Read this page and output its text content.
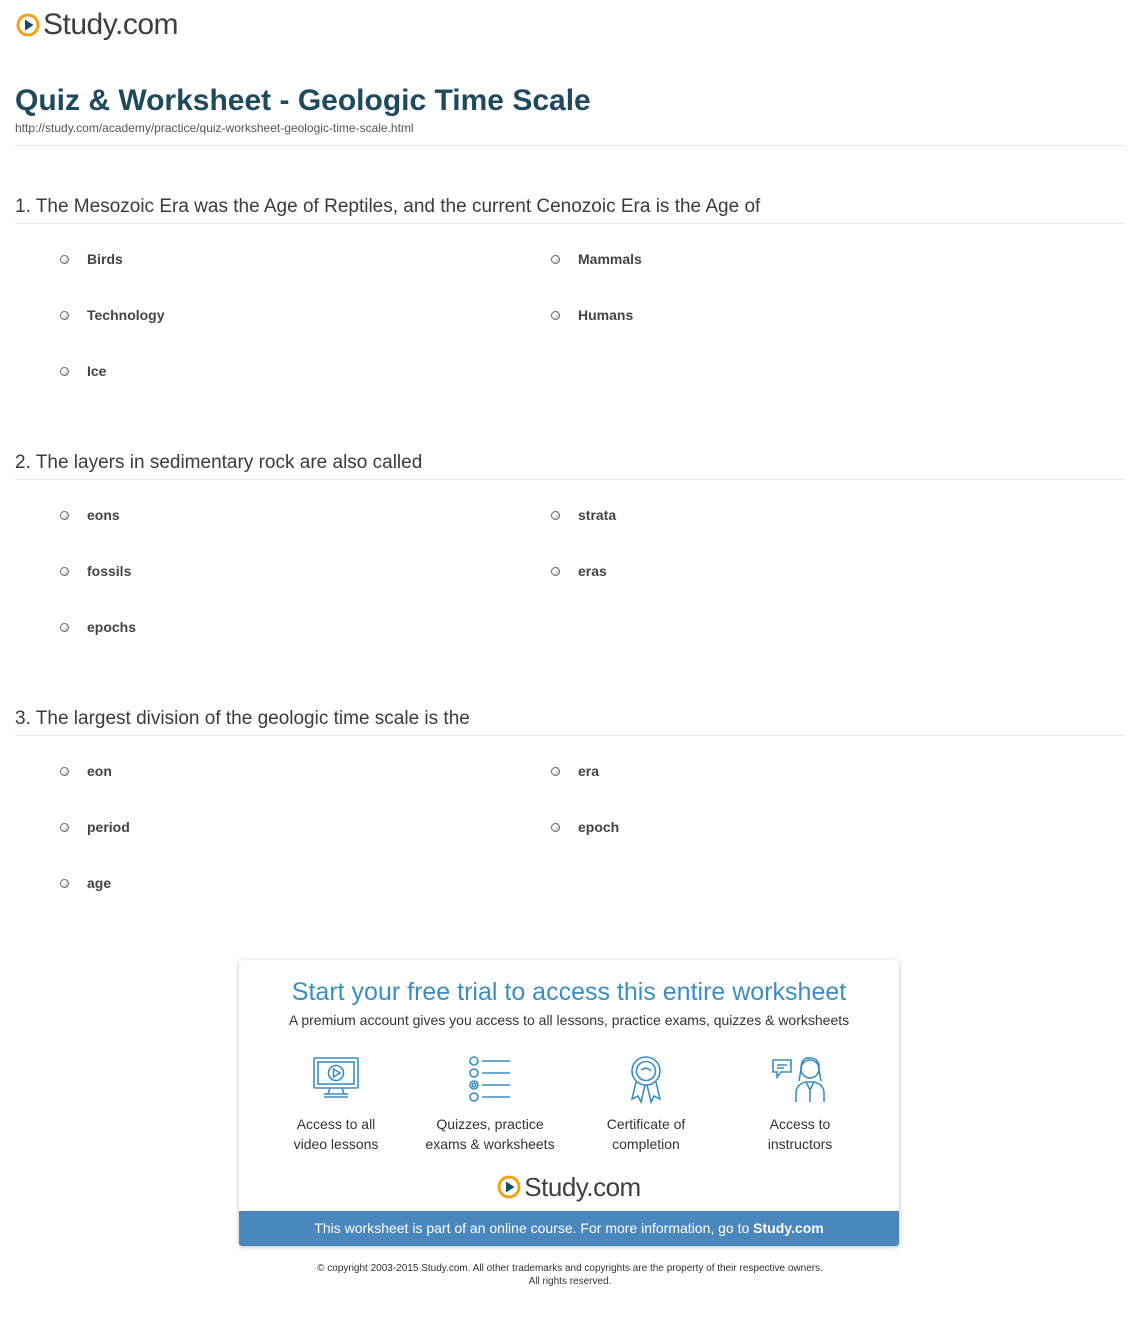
Study.com
Quiz & Worksheet - Geologic Time Scale
http://study.com/academy/practice/quiz-worksheet-geologic-time-scale.html
1. The Mesozoic Era was the Age of Reptiles, and the current Cenozoic Era is the Age of
Birds	Mammals
Technology	Humans
Ice
2. The layers in sedimentary rock are also called
eons	strata
fossils	eras
epochs
3. The largest division of the geologic time scale is the
eon	era
period	epoch
age
Start your free trial to access this entire worksheet
A premium account gives you access to all lessons, practice exams, quizzes & worksheets
Access to all
video lessons
Quizzes, practice
exams & worksheets
Certificate of
completion
Access to
instructors
Study.com
This worksheet is part of an online course. For more information, go to Study.com
© copyright 2003-2015 Study.com. All other trademarks and copyrights are the property of their respective owners.
All rights reserved.
